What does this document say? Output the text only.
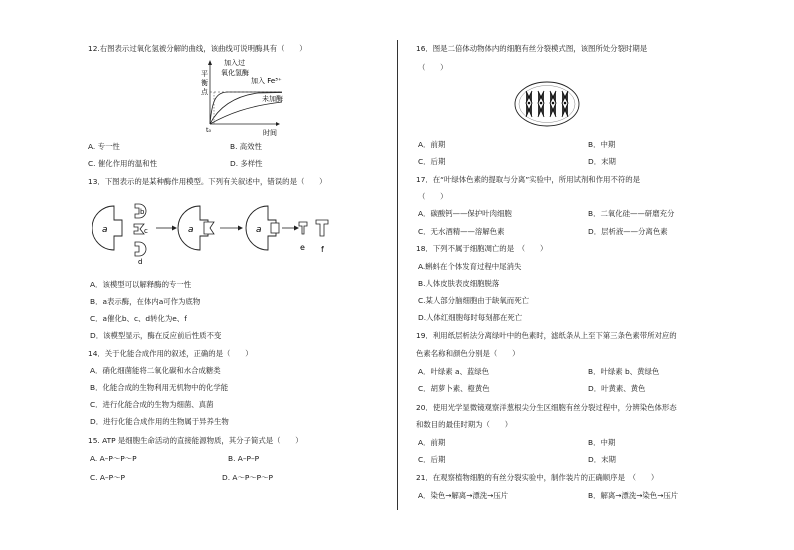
12.右图表示过氧化氢被分解的曲线，该曲线可说明酶具有（　　）
平
衡
点
加入过
氧化氢酶
加入 Fe³⁺
未加酶
t₀	时间
A. 专一性	B. 高效性
C. 催化作用的温和性	D. 多样性
13．下图表示的是某种酶作用模型。下列有关叙述中，错误的是（　　）
a
b
c
d
a	a
e f
A．该模型可以解释酶的专一性
B．a表示酶，在体内a可作为底物
C．a催化b、c、d转化为e、f
D．该模型显示，酶在反应前后性质不变
14．关于化能合成作用的叙述，正确的是（　　）
A．硝化细菌能将二氧化碳和水合成糖类
B．化能合成的生物利用无机物中的化学能
C．进行化能合成的生物为细菌、真菌
D．进行化能合成作用的生物属于异养生物
15. ATP 是细胞生命活动的直接能源物质，其分子简式是（　　）
A. A–P～P～P	B. A–P–P
C. A–P～P	D. A～P～P～P
16．图是二倍体动物体内的细胞有丝分裂模式图，该图所处分裂时期是
（　　）
A．前期	B．中期
C．后期	D．末期
17．在“叶绿体色素的提取与分离”实验中，所用试剂和作用不符的是
（　　）
A．碳酸钙——保护叶肉细胞	B．二氧化硅——研磨充分
C．无水酒精——溶解色素	D．层析液——分离色素
18．下列不属于细胞凋亡的是　（　　）
A.蝌蚪在个体发育过程中尾消失
B.人体皮肤表皮细胞脱落
C.某人部分脑细胞由于缺氧而死亡
D.人体红细胞每时每刻都在死亡
19．利用纸层析法分离绿叶中的色素时，滤纸条从上至下第三条色素带所对应的
色素名称和颜色分别是（　　）
A．叶绿素 a、蓝绿色	B．叶绿素 b、黄绿色
C．胡萝卜素、橙黄色	D．叶黄素、黄色
20．使用光学显微镜观察洋葱根尖分生区细胞有丝分裂过程中，分辨染色体形态
和数目的最佳时期为（　　）
A．前期	B．中期
C．后期	D．末期
21．在观察植物细胞的有丝分裂实验中，制作装片的正确顺序是　（　　）
A．染色→解离→漂洗→压片	B．解离→漂洗→染色→压片
